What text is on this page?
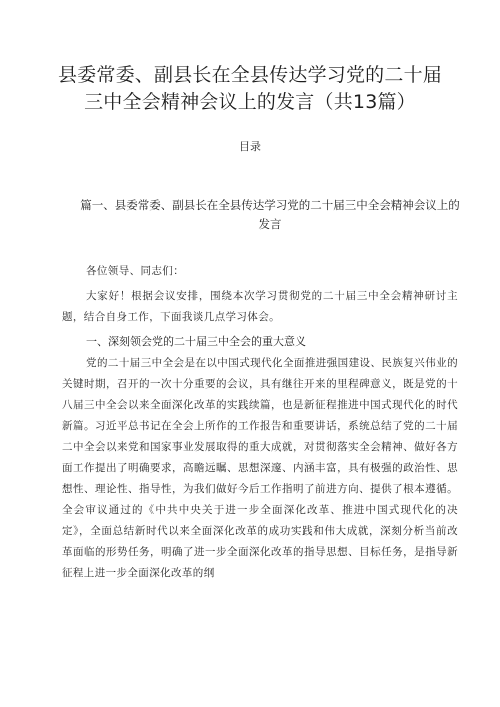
县委常委、副县长在全县传达学习党的二十届三中全会精神会议上的发言（共13篇）

目录

篇一、县委常委、副县长在全县传达学习党的二十届三中全会精神会议上的发言

各位领导、同志们：

大家好！根据会议安排，围绕本次学习贯彻党的二十届三中全会精神研讨主题，结合自身工作，下面我谈几点学习体会。

一、深刻领会党的二十届三中全会的重大意义

党的二十届三中全会是在以中国式现代化全面推进强国建设、民族复兴伟业的关键时期，召开的一次十分重要的会议，具有继往开来的里程碑意义，既是党的十八届三中全会以来全面深化改革的实践续篇，也是新征程推进中国式现代化的时代新篇。习近平总书记在全会上所作的工作报告和重要讲话，系统总结了党的二十届二中全会以来党和国家事业发展取得的重大成就，对贯彻落实全会精神、做好各方面工作提出了明确要求，高瞻远瞩、思想深邃、内涵丰富，具有极强的政治性、思想性、理论性、指导性，为我们做好今后工作指明了前进方向、提供了根本遵循。全会审议通过的《中共中央关于进一步全面深化改革、推进中国式现代化的决定》，全面总结新时代以来全面深化改革的成功实践和伟大成就，深刻分析当前改革面临的形势任务，明确了进一步全面深化改革的指导思想、目标任务，是指导新征程上进一步全面深化改革的纲
